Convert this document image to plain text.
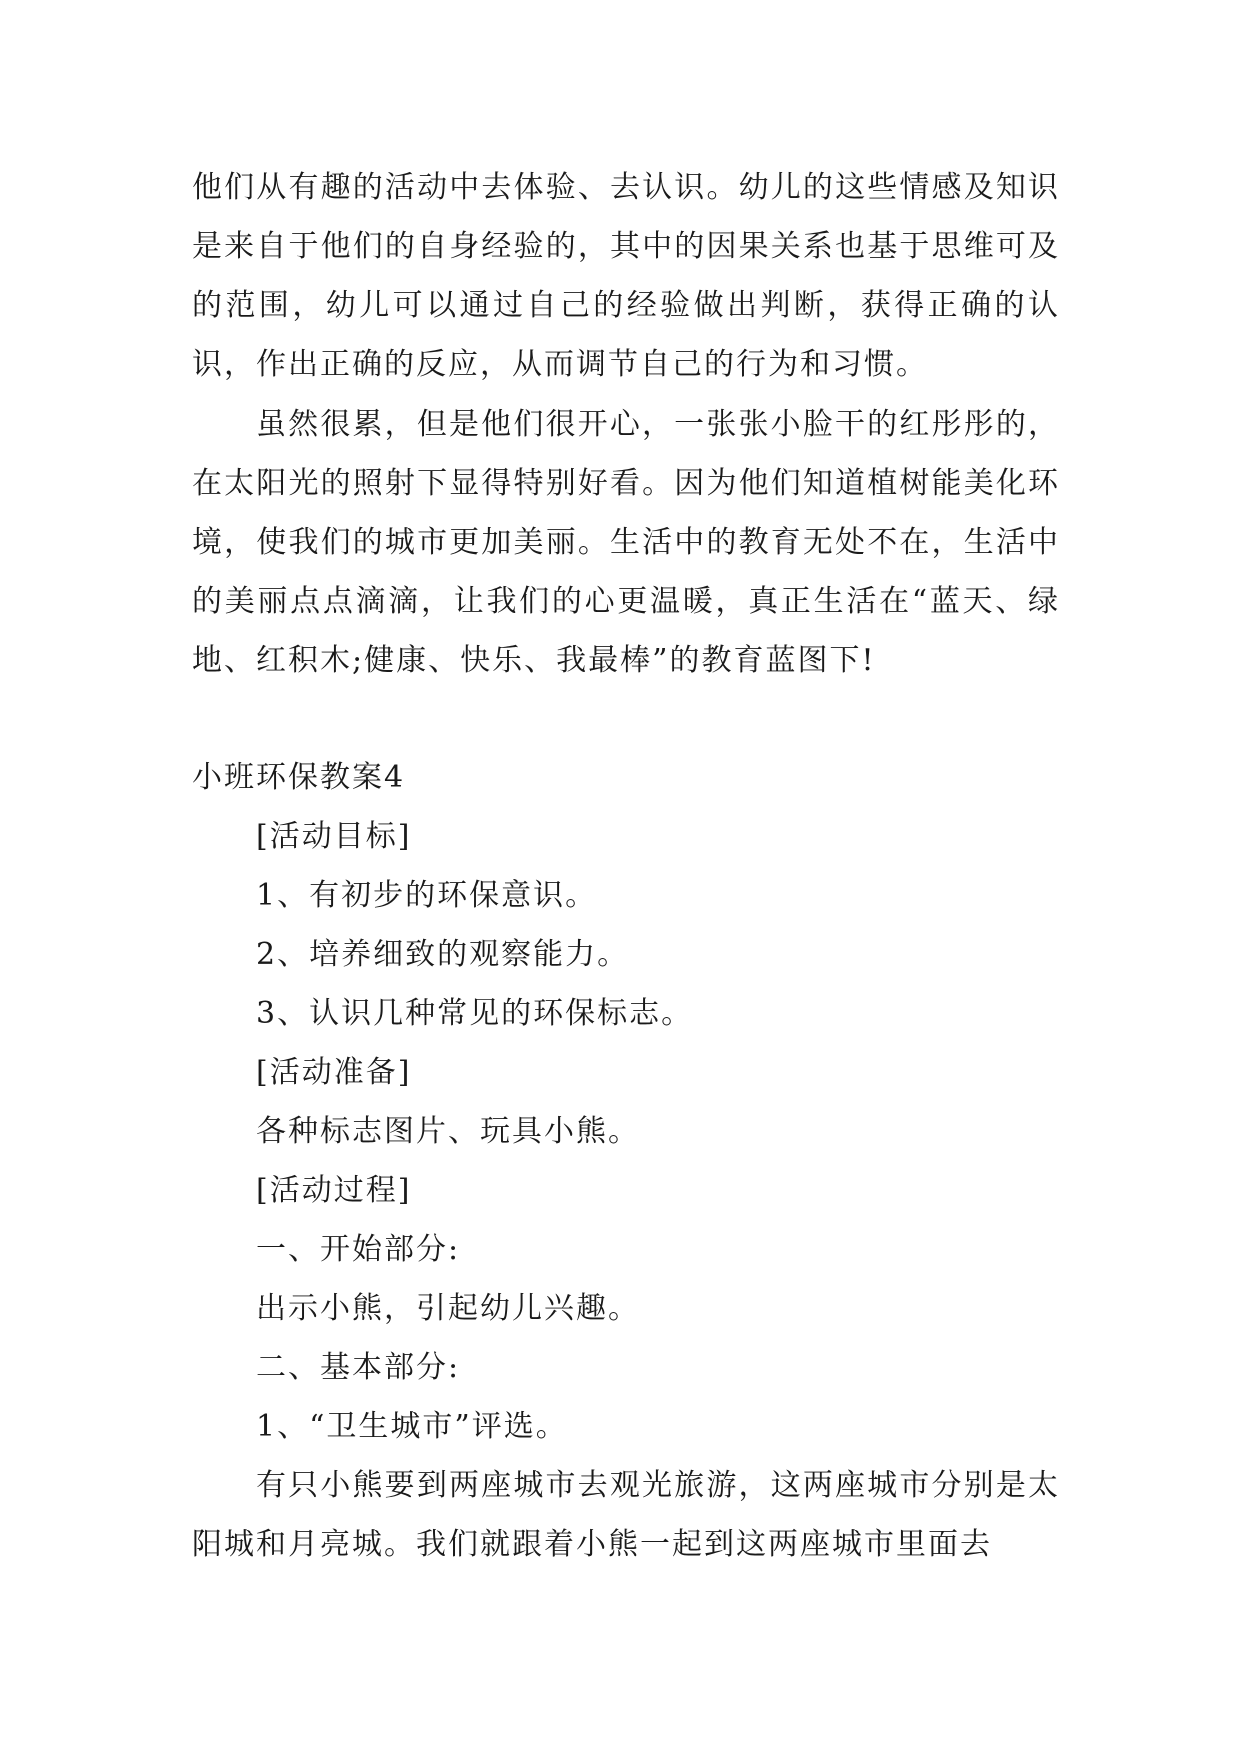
他们从有趣的活动中去体验、去认识。幼儿的这些情感及知识是来自于他们的自身经验的，其中的因果关系也基于思维可及的范围，幼儿可以通过自己的经验做出判断，获得正确的认识，作出正确的反应，从而调节自己的行为和习惯。

虽然很累，但是他们很开心，一张张小脸干的红彤彤的，在太阳光的照射下显得特别好看。因为他们知道植树能美化环境，使我们的城市更加美丽。生活中的教育无处不在，生活中的美丽点点滴滴，让我们的心更温暖，真正生活在“蓝天、绿地、红积木;健康、快乐、我最棒”的教育蓝图下!

小班环保教案4

[活动目标]
1、有初步的环保意识。
2、培养细致的观察能力。
3、认识几种常见的环保标志。
[活动准备]
各种标志图片、玩具小熊。
[活动过程]
一、开始部分:
出示小熊，引起幼儿兴趣。
二、基本部分:
1、“卫生城市”评选。

有只小熊要到两座城市去观光旅游，这两座城市分别是太阳城和月亮城。我们就跟着小熊一起到这两座城市里面去
